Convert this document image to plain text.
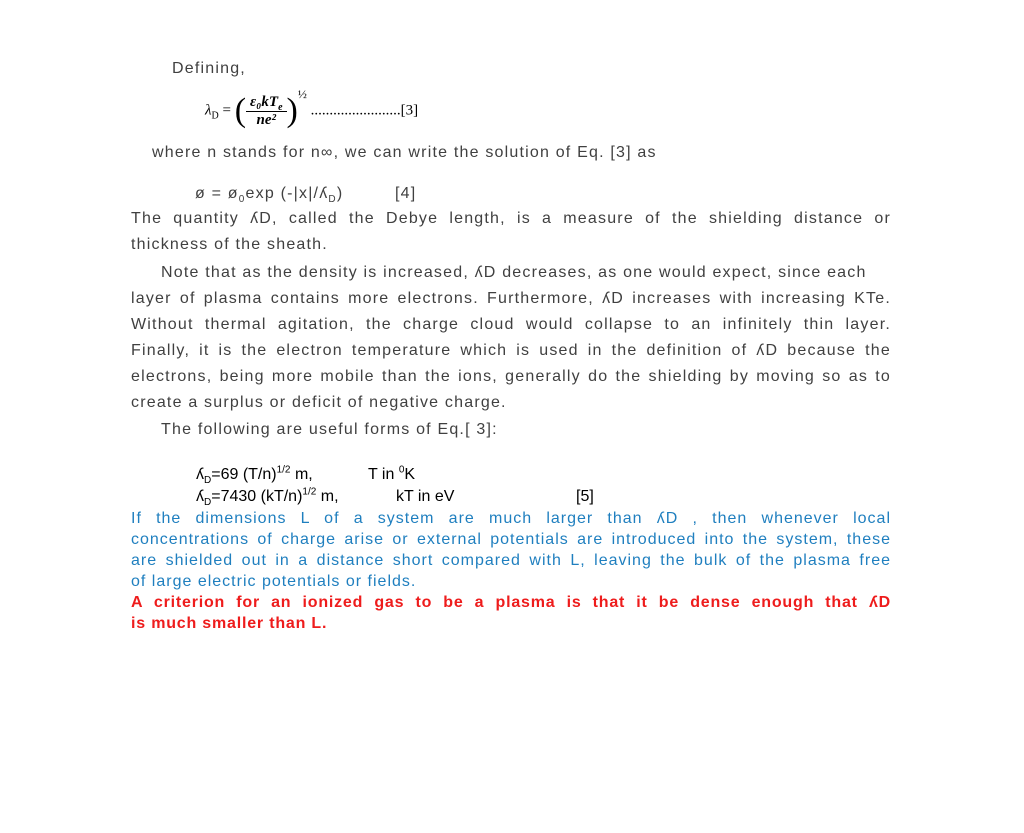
Defining,
$\lambda_D$ = ( $\frac{\varepsilon_0kT_e}{\text{ne²}} )^{\frac{1}{2}}$ ........................[3]
where n stands for n∞, we can write the solution of Eq. [3] as
ø = $ø_0\exp$ (-|x|/ʎ$_D$)	[4]
The quantity ʎD, called the Debye length, is a measure of the shielding distance or
thickness of the sheath.
Note that as the density is increased, ʎD decreases, as one would expect, since each
layer of plasma contains more electrons. Furthermore, ʎD increases with increasing KTe.
Without thermal agitation, the charge cloud would collapse to an infinitely thin layer.
Finally, it is the electron temperature which is used in the definition of ʎD because the
electrons, being more mobile than the ions, generally do the shielding by moving so as to
create a surplus or deficit of negative charge.
The following are useful forms of Eq.[ 3]:
ʎ$_D$=69 $(T/n)^{1/2}$ m,	T in $^0$K
ʎ$_D$=7430 $(kT/n)^{1/2}$ m,	kT in eV	[5]
If the dimensions L of a system are much larger than ʎD , then whenever local
concentrations of charge arise or external potentials are introduced into the system, these
are shielded out in a distance short compared with L, leaving the bulk of the plasma free
of large electric potentials or fields.
A criterion for an ionized gas to be a plasma is that it be dense enough that ʎD
is much smaller than L.
